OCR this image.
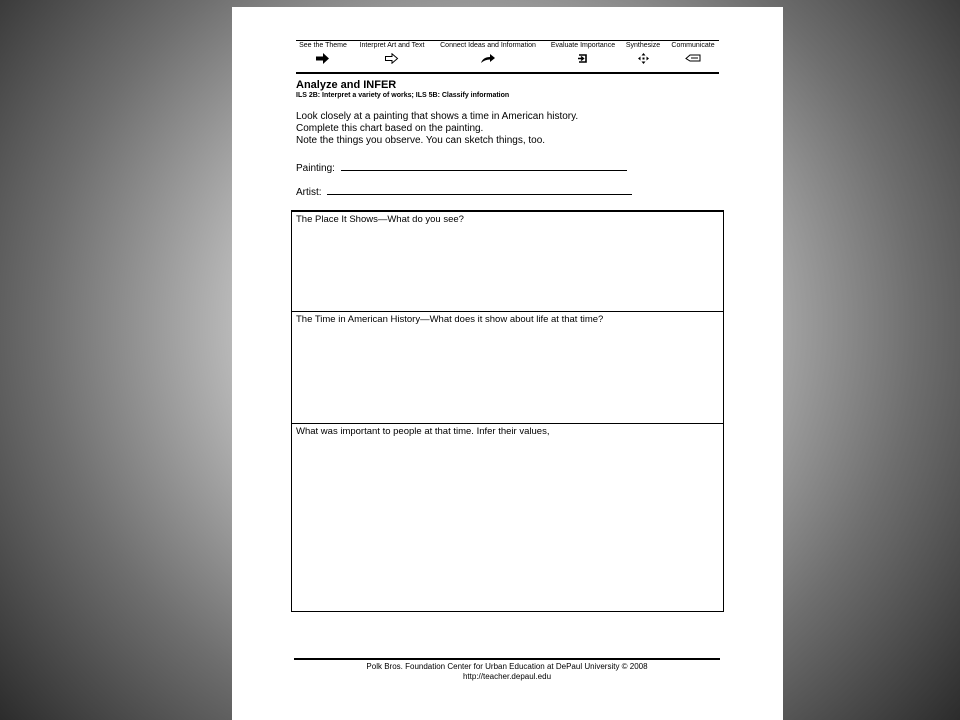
See the Theme	Interpret Art and Text	Connect Ideas and Information	Evaluate Importance	Synthesize	Communicate
Analyze and INFER
ILS 2B: Interpret a variety of works; ILS 5B: Classify information
Look closely at a painting that shows a time in American history.
Complete this chart based on the painting.
Note the things you observe. You can sketch things, too.
Painting:
Artist:
The Place It Shows—What do you see?
The Time in American History—What does it show about life at that time?
What was important to people at that time. Infer their values,
Polk Bros. Foundation Center for Urban Education at DePaul University © 2008
http://teacher.depaul.edu
